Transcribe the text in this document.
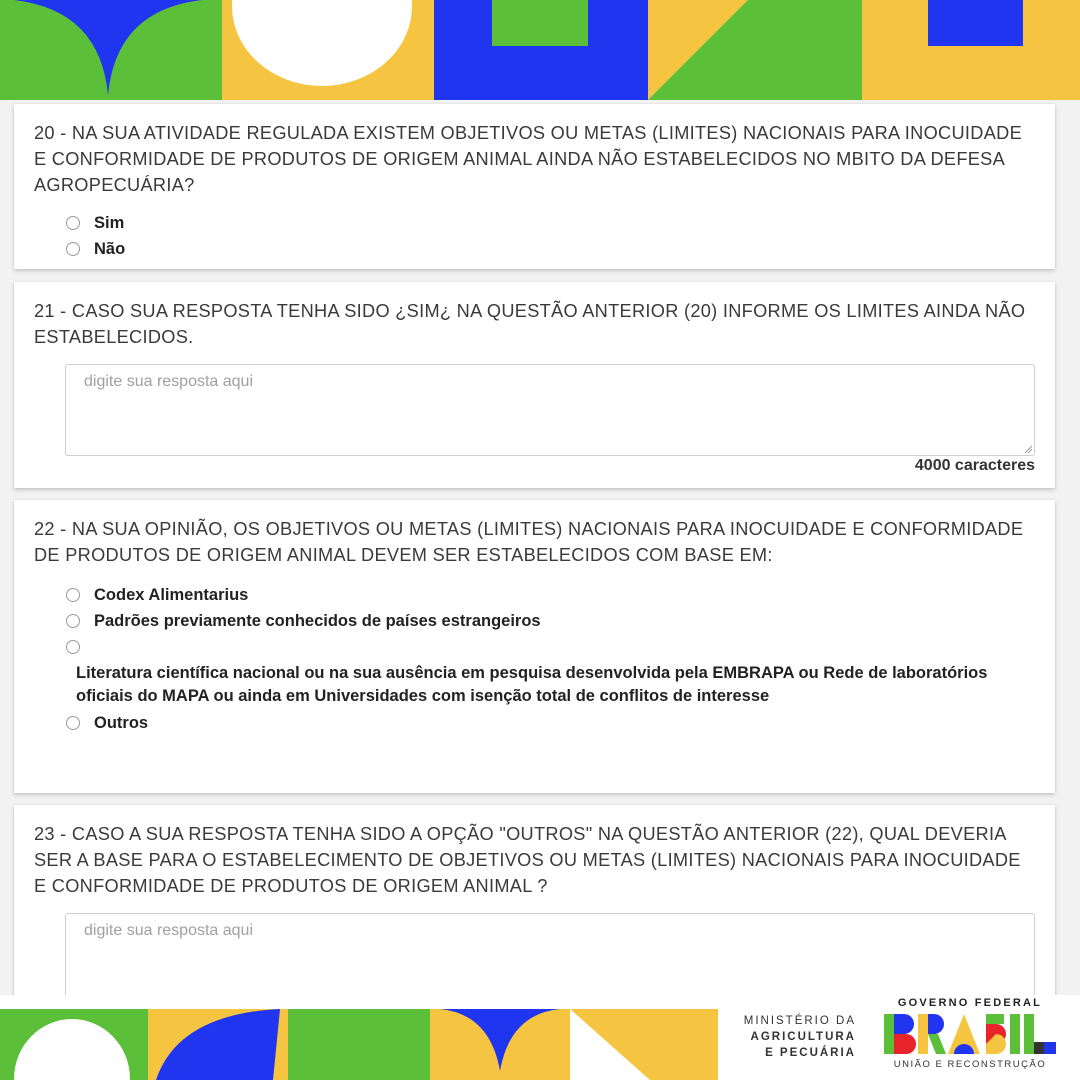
20 - NA SUA ATIVIDADE REGULADA EXISTEM OBJETIVOS OU METAS (LIMITES) NACIONAIS PARA INOCUIDADE E CONFORMIDADE DE PRODUTOS DE ORIGEM ANIMAL AINDA NÃO ESTABELECIDOS NO MBITO DA DEFESA AGROPECUÁRIA?
Sim
Não
21 - CASO SUA RESPOSTA TENHA SIDO ¿SIM¿ NA QUESTÃO ANTERIOR (20) INFORME OS LIMITES AINDA NÃO ESTABELECIDOS.
digite sua resposta aqui
4000 caracteres
22 - NA SUA OPINIÃO, OS OBJETIVOS OU METAS (LIMITES) NACIONAIS PARA INOCUIDADE E CONFORMIDADE DE PRODUTOS DE ORIGEM ANIMAL DEVEM SER ESTABELECIDOS COM BASE EM:
Codex Alimentarius
Padrões previamente conhecidos de países estrangeiros
Literatura científica nacional ou na sua ausência em pesquisa desenvolvida pela EMBRAPA ou Rede de laboratórios oficiais do MAPA ou ainda em Universidades com isenção total de conflitos de interesse
Outros
23 - CASO A SUA RESPOSTA TENHA SIDO A OPÇÃO "OUTROS" NA QUESTÃO ANTERIOR (22), QUAL DEVERIA SER A BASE PARA O ESTABELECIMENTO DE OBJETIVOS OU METAS (LIMITES) NACIONAIS PARA INOCUIDADE E CONFORMIDADE DE PRODUTOS DE ORIGEM ANIMAL ?
digite sua resposta aqui
MINISTÉRIO DA
AGRICULTURA
E PECUÁRIA
GOVERNO FEDERAL
UNIÃO E RECONSTRUÇÃO
